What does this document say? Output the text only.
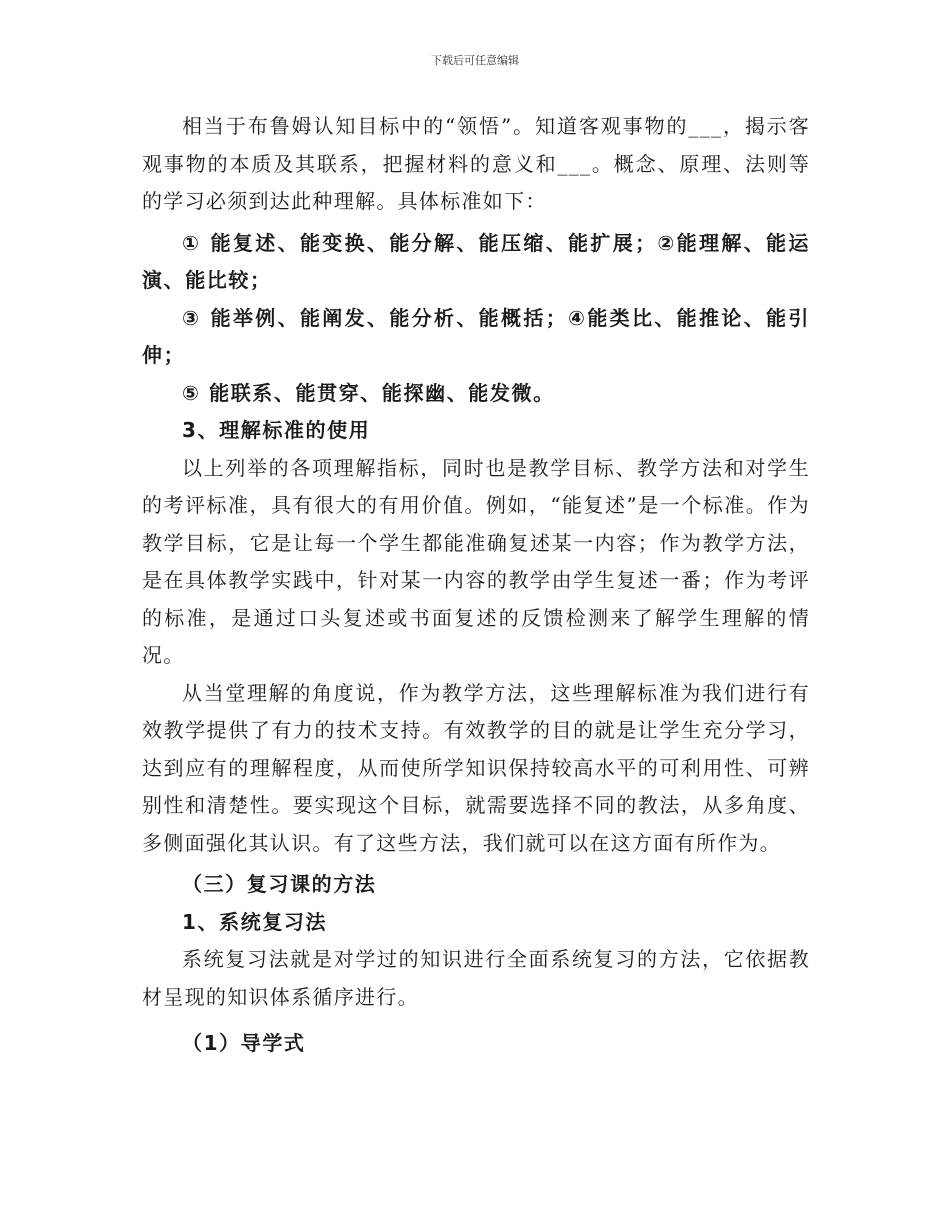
下载后可任意编辑

相当于布鲁姆认知目标中的“领悟”。知道客观事物的___，揭示客观事物的本质及其联系，把握材料的意义和___。概念、原理、法则等的学习必须到达此种理解。具体标准如下：

① 能复述、能变换、能分解、能压缩、能扩展；②能理解、能运演、能比较；

③ 能举例、能阐发、能分析、能概括；④能类比、能推论、能引伸；

⑤ 能联系、能贯穿、能探幽、能发微。

3、理解标准的使用

以上列举的各项理解指标，同时也是教学目标、教学方法和对学生的考评标准，具有很大的有用价值。例如，“能复述”是一个标准。作为教学目标，它是让每一个学生都能准确复述某一内容；作为教学方法，是在具体教学实践中，针对某一内容的教学由学生复述一番；作为考评的标准，是通过口头复述或书面复述的反馈检测来了解学生理解的情况。

从当堂理解的角度说，作为教学方法，这些理解标准为我们进行有效教学提供了有力的技术支持。有效教学的目的就是让学生充分学习，达到应有的理解程度，从而使所学知识保持较高水平的可利用性、可辨别性和清楚性。要实现这个目标，就需要选择不同的教法，从多角度、多侧面强化其认识。有了这些方法，我们就可以在这方面有所作为。

（三）复习课的方法

1、系统复习法

系统复习法就是对学过的知识进行全面系统复习的方法，它依据教材呈现的知识体系循序进行。

（1）导学式
